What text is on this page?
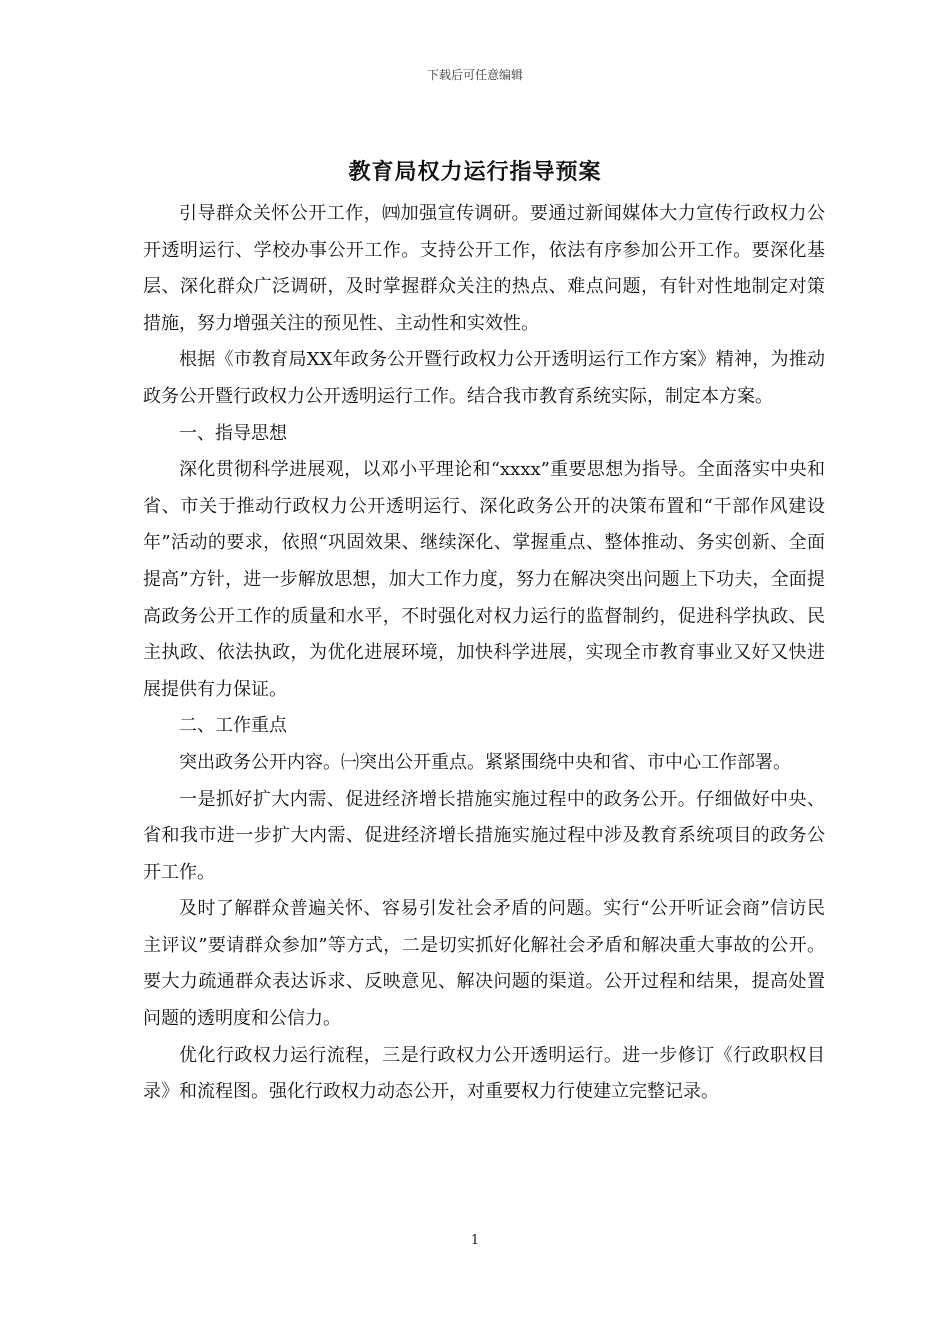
下载后可任意编辑
教育局权力运行指导预案

引导群众关怀公开工作，㈣加强宣传调研。要通过新闻媒体大力宣传行政权力公开透明运行、学校办事公开工作。支持公开工作，依法有序参加公开工作。要深化基层、深化群众广泛调研，及时掌握群众关注的热点、难点问题，有针对性地制定对策措施，努力增强关注的预见性、主动性和实效性。

根据《市教育局XX年政务公开暨行政权力公开透明运行工作方案》精神，为推动政务公开暨行政权力公开透明运行工作。结合我市教育系统实际，制定本方案。

一、指导思想

深化贯彻科学进展观，以邓小平理论和“xxxx”重要思想为指导。全面落实中央和省、市关于推动行政权力公开透明运行、深化政务公开的决策布置和“干部作风建设年”活动的要求，依照“巩固效果、继续深化、掌握重点、整体推动、务实创新、全面提高”方针，进一步解放思想，加大工作力度，努力在解决突出问题上下功夫，全面提高政务公开工作的质量和水平，不时强化对权力运行的监督制约，促进科学执政、民主执政、依法执政，为优化进展环境，加快科学进展，实现全市教育事业又好又快进展提供有力保证。

二、工作重点

突出政务公开内容。㈠突出公开重点。紧紧围绕中央和省、市中心工作部署。

一是抓好扩大内需、促进经济增长措施实施过程中的政务公开。仔细做好中央、省和我市进一步扩大内需、促进经济增长措施实施过程中涉及教育系统项目的政务公开工作。

及时了解群众普遍关怀、容易引发社会矛盾的问题。实行“公开听证会商”信访民主评议”要请群众参加”等方式，二是切实抓好化解社会矛盾和解决重大事故的公开。要大力疏通群众表达诉求、反映意见、解决问题的渠道。公开过程和结果，提高处置问题的透明度和公信力。

优化行政权力运行流程，三是行政权力公开透明运行。进一步修订《行政职权目录》和流程图。强化行政权力动态公开，对重要权力行使建立完整记录。

1
